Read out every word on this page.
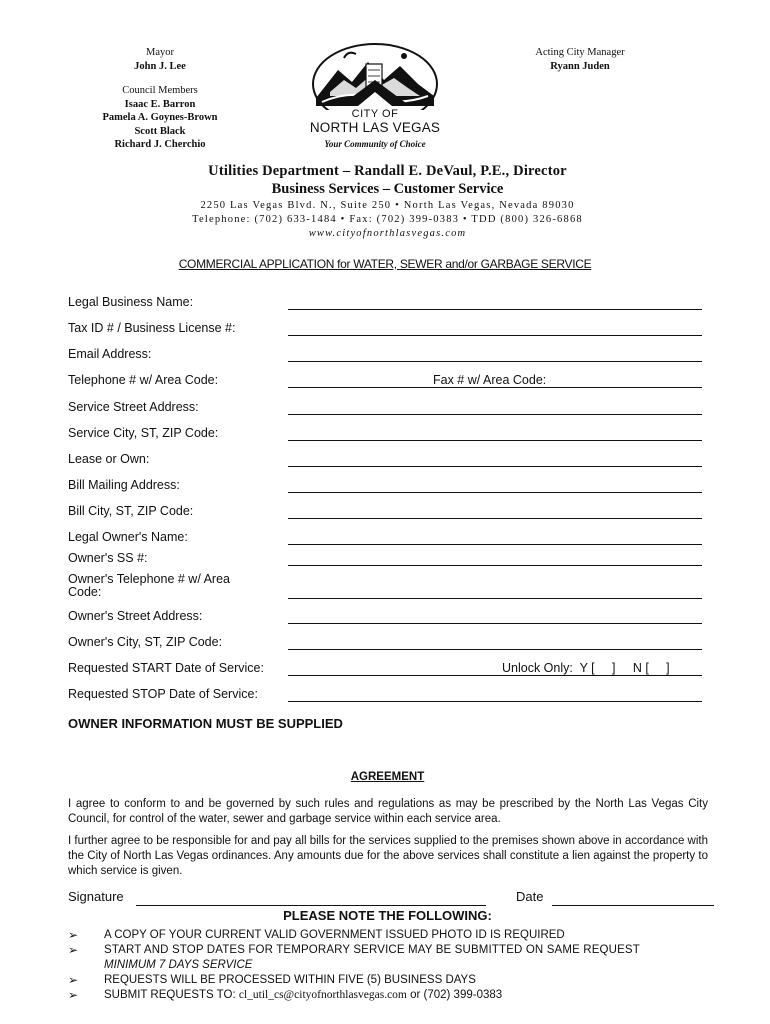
Mayor
John J. Lee
Council Members
Isaac E. Barron
Pamela A. Goynes-Brown
Scott Black
Richard J. Cherchio
Acting City Manager
Ryann Juden
CITY OF
NORTH LAS VEGAS
Your Community of Choice
Utilities Department – Randall E. DeVaul, P.E., Director
Business Services – Customer Service
2250 Las Vegas Blvd. N., Suite 250 • North Las Vegas, Nevada 89030
Telephone: (702) 633-1484 • Fax: (702) 399-0383 • TDD (800) 326-6868
www.cityofnorthlasvegas.com
COMMERCIAL APPLICATION for WATER, SEWER and/or GARBAGE SERVICE
Legal Business Name:
Tax ID # / Business License #:
Email Address:
Telephone # w/ Area Code:	Fax # w/ Area Code:
Service Street Address:
Service City, ST, ZIP Code:
Lease or Own:
Bill Mailing Address:
Bill City, ST, ZIP Code:
Legal Owner's Name:
Owner's SS #:
Owner's Telephone # w/ Area Code:
Owner's Street Address:
Owner's City, ST, ZIP Code:
Requested START Date of Service:	Unlock Only:  Y [     ]     N [     ]
Requested STOP Date of Service:
OWNER INFORMATION MUST BE SUPPLIED
AGREEMENT
I agree to conform to and be governed by such rules and regulations as may be prescribed by the North Las Vegas City Council, for control of the water, sewer and garbage service within each service area.
I further agree to be responsible for and pay all bills for the services supplied to the premises shown above in accordance with the City of North Las Vegas ordinances. Any amounts due for the above services shall constitute a lien against the property to which service is given.
Signature	Date
PLEASE NOTE THE FOLLOWING:
➢ A COPY OF YOUR CURRENT VALID GOVERNMENT ISSUED PHOTO ID IS REQUIRED
➢ START AND STOP DATES FOR TEMPORARY SERVICE MAY BE SUBMITTED ON SAME REQUEST
MINIMUM 7 DAYS SERVICE
➢ REQUESTS WILL BE PROCESSED WITHIN FIVE (5) BUSINESS DAYS
➢ SUBMIT REQUESTS TO: cl_util_cs@cityofnorthlasvegas.com or (702) 399-0383
